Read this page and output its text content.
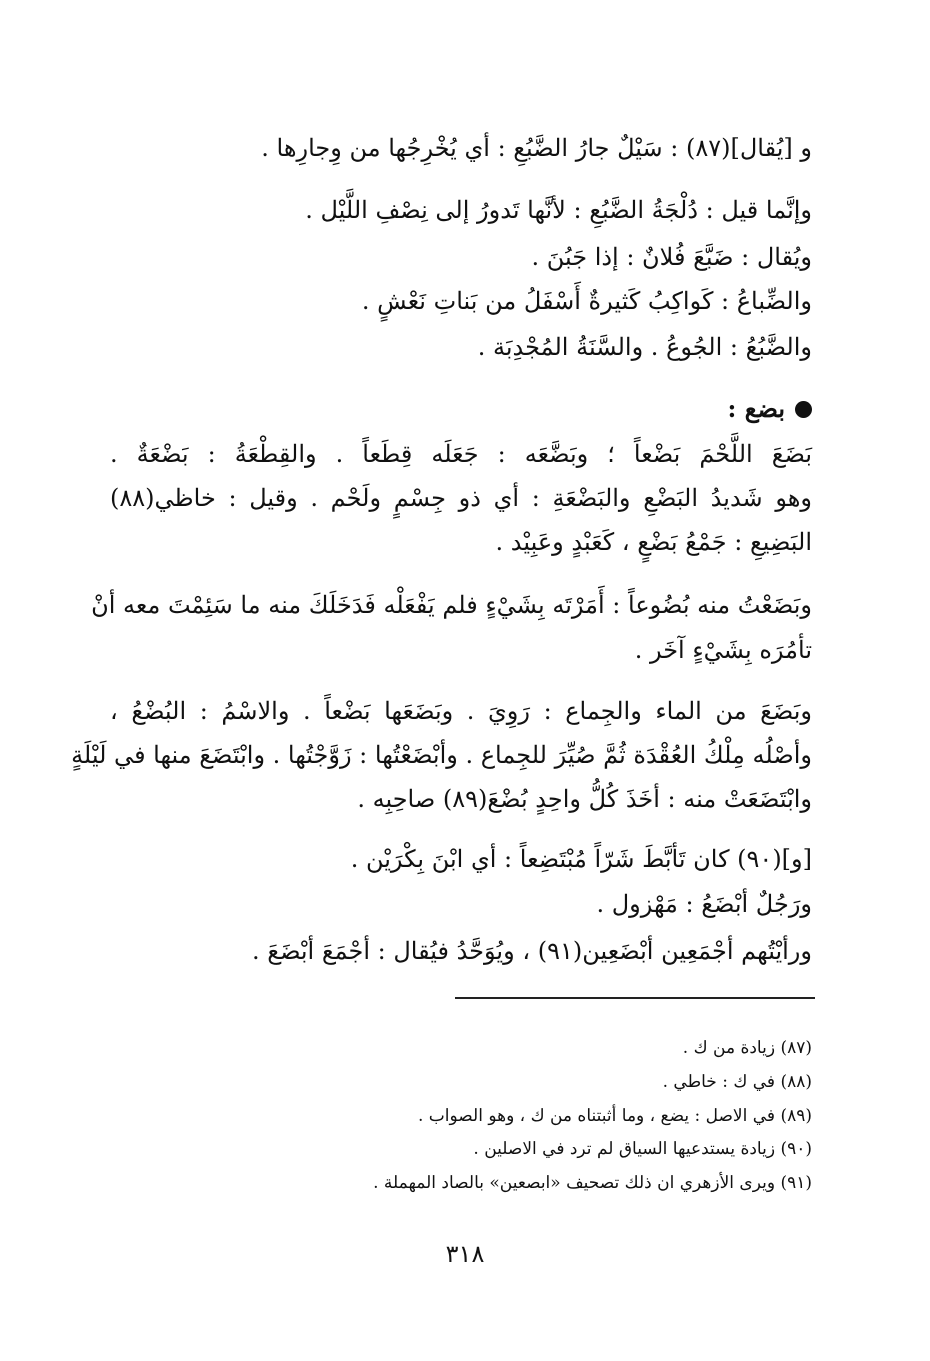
و [يُقال](٨٧) : سَيْلٌ جارُ الضَّبُعِ : أي يُخْرِجُها من وِجارِها .
وإنَّما قيل : دُلْجَةُ الضَّبُعِ : لأنَّها تَدورُ إلى نِصْفِ اللَّيْل .
ويُقال : ضَبَّعَ فُلانٌ : إذا جَبُنَ .
والضِّباعُ : كَواكِبُ كَثيرةٌ أَسْفَلُ من بَناتِ نَعْشٍ .
والضَّبُعُ : الجُوعُ . والسَّنَةُ المُجْدِبَة .
بضع :
بَضَعَ اللَّحْمَ بَضْعاً ؛ وبَضَّعَه : جَعَلَه قِطَعاً . والقِطْعَةُ : بَضْعَةٌ .
وهو شَديدُ البَضْعِ والبَضْعَةِ : أي ذو جِسْمٍ ولَحْم . وقيل : خاظي(٨٨)
البَضِيعِ : جَمْعُ بَضْعٍ ، كَعَبْدٍ وعَبِيْد .
وبَضَعْتُ منه بُضُوعاً : أَمَرْتَه بِشَيْءٍ فلم يَفْعَلْه فَدَخَلَكَ منه ما سَئِمْتَ معه أنْ
تأمُرَه بِشَيْءٍ آخَر .
وبَضَعَ من الماء والجِماع : رَوِيَ . وبَضَعَها بَضْعاً . والاسْمُ : البُضْعُ ،
وأصْلُه مِلْكُ العُقْدَة ثُمَّ صُيِّرَ للجِماع . وأبْضَعْتُها : زَوَّجْتُها . وابْتَضَعَ منها في لَيْلَةٍ
وابْتَضَعَتْ منه : أخَذَ كُلُّ واحِدٍ بُضْعَ(٨٩) صاحِبِه .
[و](٩٠) كان تَأبَّطَ شَرّاً مُبْتَضِعاً : أي ابْنَ بِكْرَيْن .
ورَجُلٌ أبْضَعُ : مَهْزول .
ورأيْتُهم أجْمَعِين أبْضَعِين(٩١) ، ويُوَحَّدُ فيُقال : أجْمَعَ أبْضَعَ .
(٨٧) زيادة من ك .
(٨٨) في ك : خاطي .
(٨٩) في الاصل : يضع ، وما أثبتناه من ك ، وهو الصواب .
(٩٠) زيادة يستدعيها السياق لم ترد في الاصلين .
(٩١) ويرى الأزهري ان ذلك تصحيف «ابصعين» بالصاد المهملة .
٣١٨
